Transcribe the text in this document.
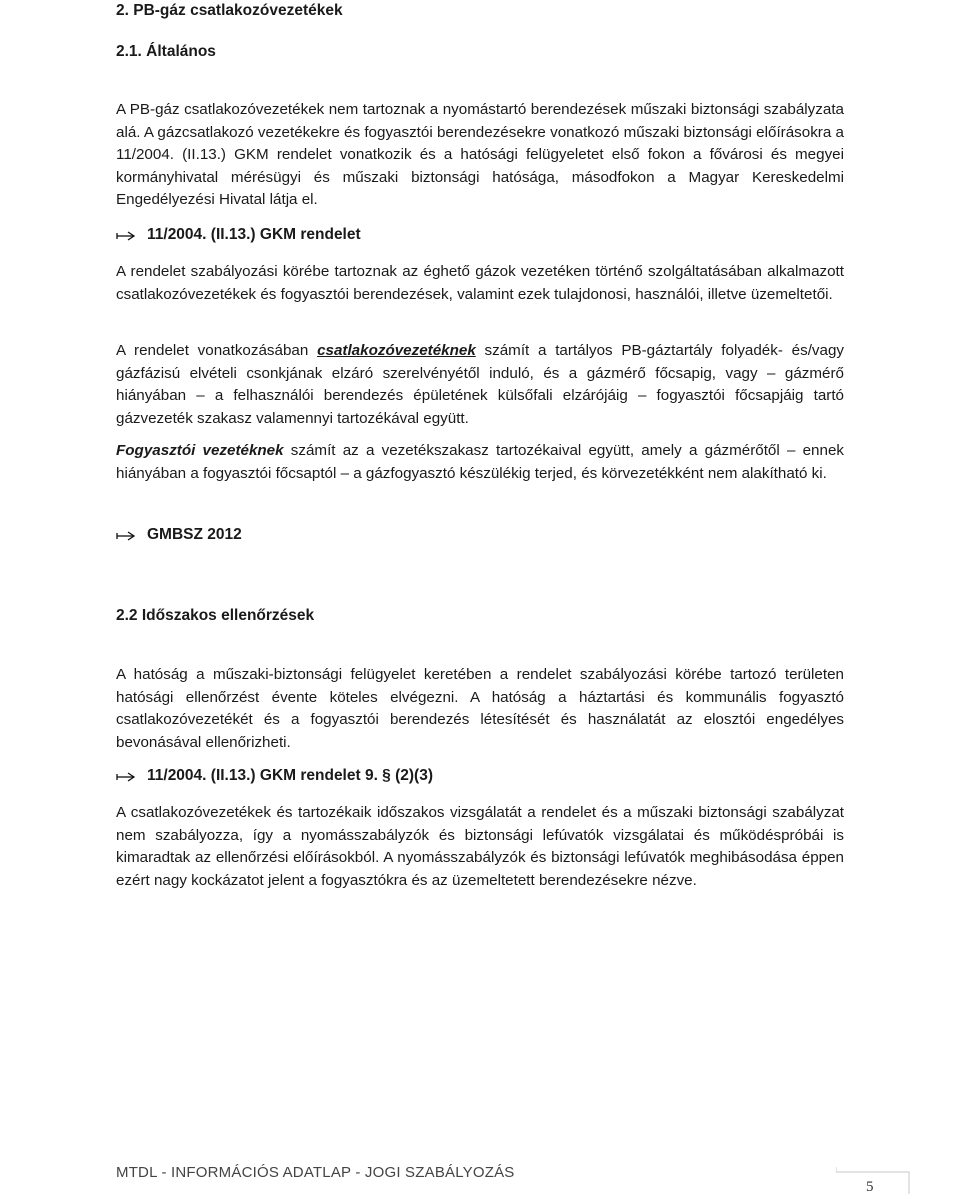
2. PB-gáz csatlakozóvezetékek
2.1. Általános

A PB-gáz csatlakozóvezetékek nem tartoznak a nyomástartó berendezések műszaki biztonsági szabályzata alá. A gázcsatlakozó vezetékekre és fogyasztói berendezésekre vonatkozó műszaki biztonsági előírásokra a 11/2004. (II.13.) GKM rendelet vonatkozik és a hatósági felügyeletet első fokon a fővárosi és megyei kormányhivatal mérésügyi és műszaki biztonsági hatósága, másodfokon a Magyar Kereskedelmi Engedélyezési Hivatal látja el.

11/2004. (II.13.) GKM rendelet

A rendelet szabályozási körébe tartoznak az éghető gázok vezetéken történő szolgáltatásában alkalmazott csatlakozóvezetékek és fogyasztói berendezések, valamint ezek tulajdonosi, használói, illetve üzemeltetői.

A rendelet vonatkozásában csatlakozóvezetéknek számít a tartályos PB-gáztartály folyadék- és/vagy gázfázisú elvételi csonkjának elzáró szerelvényétől induló, és a gázmérő főcsapig, vagy – gázmérő hiányában – a felhasználói berendezés épületének külsőfali elzárójáig – fogyasztói főcsapjáig tartó gázvezeték szakasz valamennyi tartozékával együtt.

Fogyasztói vezetéknek számít az a vezetékszakasz tartozékaival együtt, amely a gázmérőtől – ennek hiányában a fogyasztói főcsaptól – a gázfogyasztó készülékig terjed, és körvezetékként nem alakítható ki.

GMBSZ 2012
2.2 Időszakos ellenőrzések

A hatóság a műszaki-biztonsági felügyelet keretében a rendelet szabályozási körébe tartozó területen hatósági ellenőrzést évente köteles elvégezni. A hatóság a háztartási és kommunális fogyasztó csatlakozóvezetékét és a fogyasztói berendezés létesítését és használatát az elosztói engedélyes bevonásával ellenőrizheti.

11/2004. (II.13.) GKM rendelet 9. § (2)(3)

A csatlakozóvezetékek és tartozékaik időszakos vizsgálatát a rendelet és a műszaki biztonsági szabályzat nem szabályozza, így a nyomásszabályzók és biztonsági lefúvatók vizsgálatai és működéspróbái is kimaradtak az ellenőrzési előírásokból. A nyomásszabályzók és biztonsági lefúvatók meghibásodása éppen ezért nagy kockázatot jelent a fogyasztókra és az üzemeltetett berendezésekre nézve.

MTDL - INFORMÁCIÓS ADATLAP - JOGI SZABÁLYOZÁS
5
